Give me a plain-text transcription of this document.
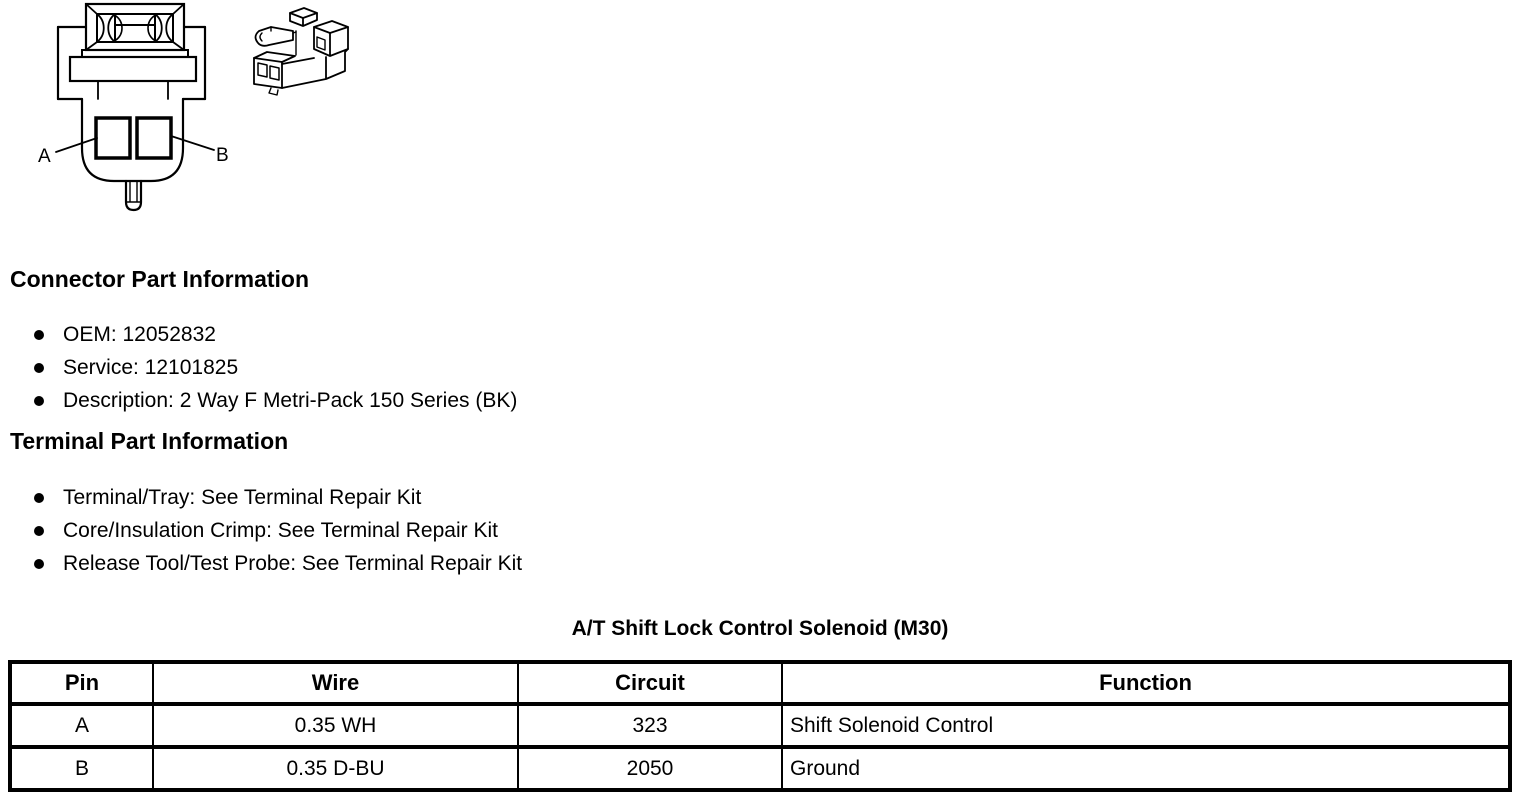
A	B
Connector Part Information
OEM: 12052832
Service: 12101825
Description: 2 Way F Metri-Pack 150 Series (BK)
Terminal Part Information
Terminal/Tray: See Terminal Repair Kit
Core/Insulation Crimp: See Terminal Repair Kit
Release Tool/Test Probe: See Terminal Repair Kit
A/T Shift Lock Control Solenoid (M30)
Pin	Wire	Circuit	Function
A	0.35 WH	323	Shift Solenoid Control
B	0.35 D-BU	2050	Ground
